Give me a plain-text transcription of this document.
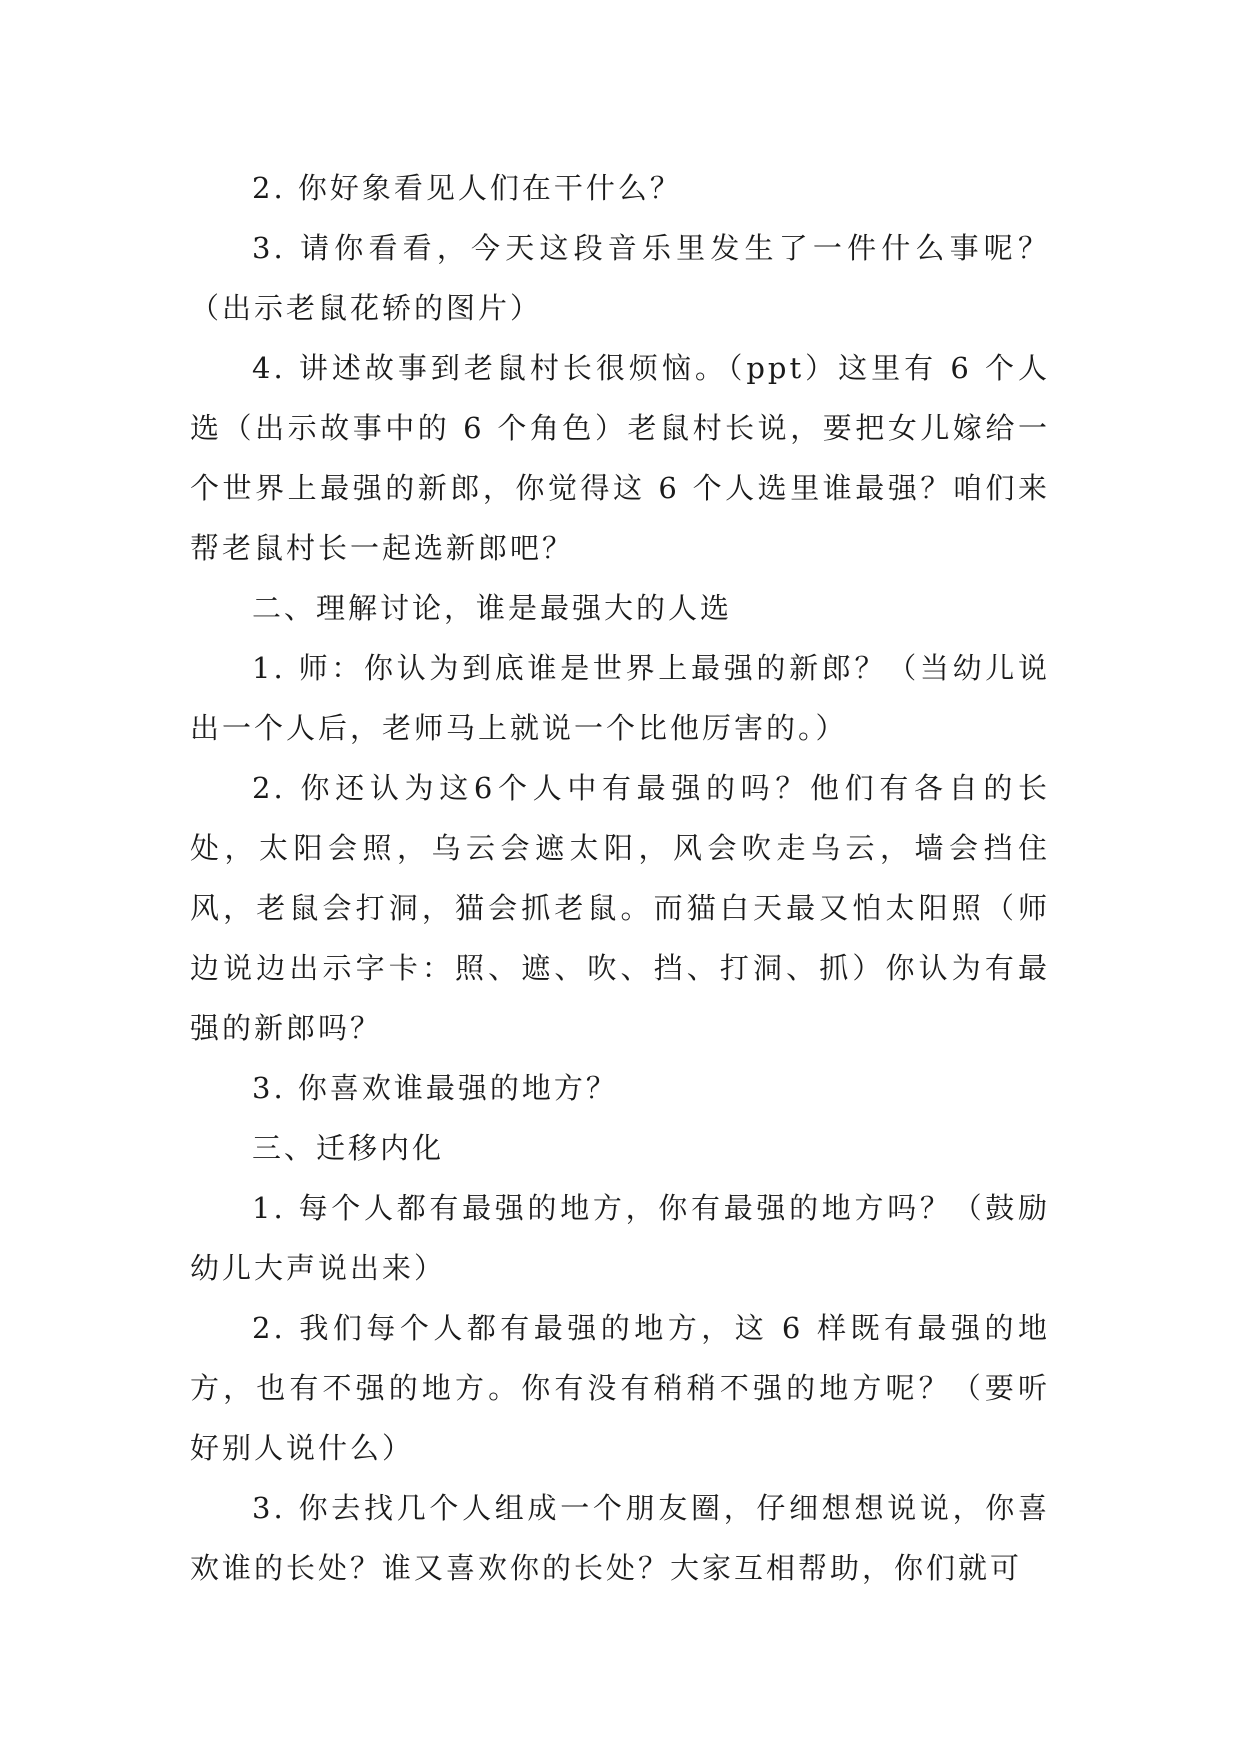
2. 你好象看见人们在干什么？

3. 请你看看，今天这段音乐里发生了一件什么事呢？（出示老鼠花轿的图片）

4. 讲述故事到老鼠村长很烦恼。（ppt）这里有 6 个人选（出示故事中的 6 个角色）老鼠村长说，要把女儿嫁给一个世界上最强的新郎，你觉得这 6 个人选里谁最强？咱们来帮老鼠村长一起选新郎吧？

二、理解讨论，谁是最强大的人选

1. 师：你认为到底谁是世界上最强的新郎？（当幼儿说出一个人后，老师马上就说一个比他厉害的。）

2. 你还认为这6个人中有最强的吗？他们有各自的长处，太阳会照，乌云会遮太阳，风会吹走乌云，墙会挡住风，老鼠会打洞，猫会抓老鼠。而猫白天最又怕太阳照（师边说边出示字卡：照、遮、吹、挡、打洞、抓）你认为有最强的新郎吗？

3. 你喜欢谁最强的地方？

三、迁移内化

1. 每个人都有最强的地方，你有最强的地方吗？（鼓励幼儿大声说出来）

2. 我们每个人都有最强的地方，这 6 样既有最强的地方，也有不强的地方。你有没有稍稍不强的地方呢？（要听好别人说什么）

3. 你去找几个人组成一个朋友圈，仔细想想说说，你喜欢谁的长处？谁又喜欢你的长处？大家互相帮助，你们就可
